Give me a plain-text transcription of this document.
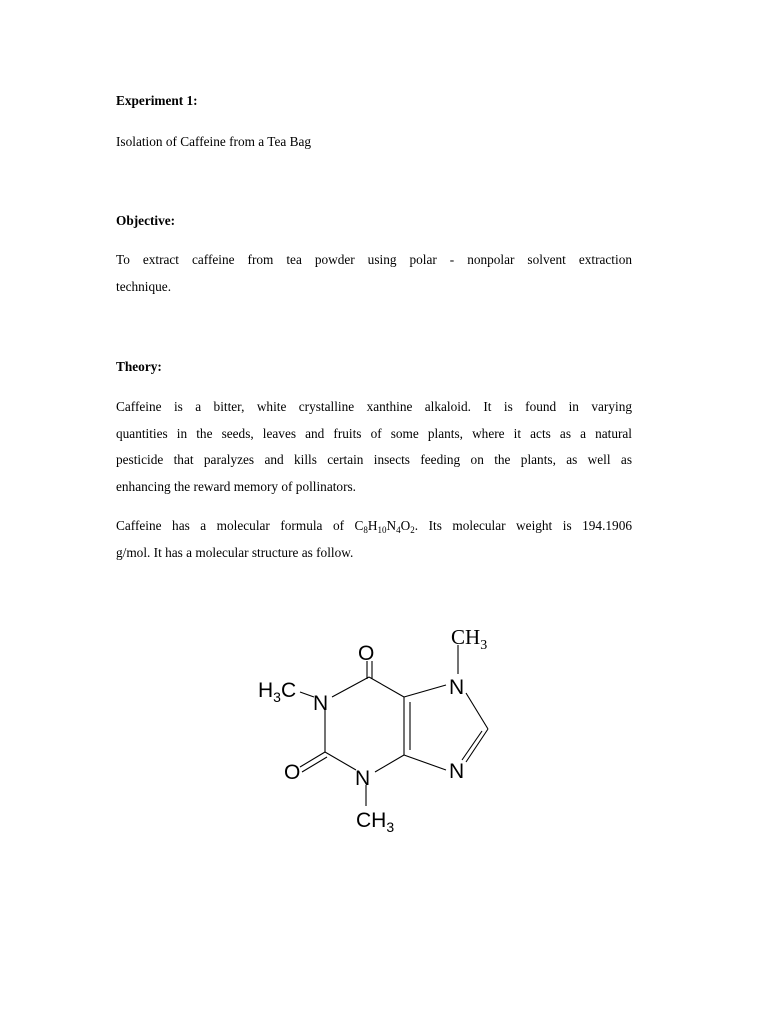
Experiment 1:
Isolation of Caffeine from a Tea Bag
Objective:
To extract caffeine from tea powder using polar - nonpolar solvent extraction
technique.
Theory:
Caffeine is a bitter, white crystalline xanthine alkaloid. It is found in varying
quantities in the seeds, leaves and fruits of some plants, where it acts as a natural
pesticide that paralyzes and kills certain insects feeding on the plants, as well as
enhancing the reward memory of pollinators.
Caffeine has a molecular formula of $C_8H_{10}N_4O_2$. Its molecular weight is 194.1906
g/mol. It has a molecular structure as follow.
O
O
N
N
N
N
$H_3C$
$CH_3$
$CH_3$
